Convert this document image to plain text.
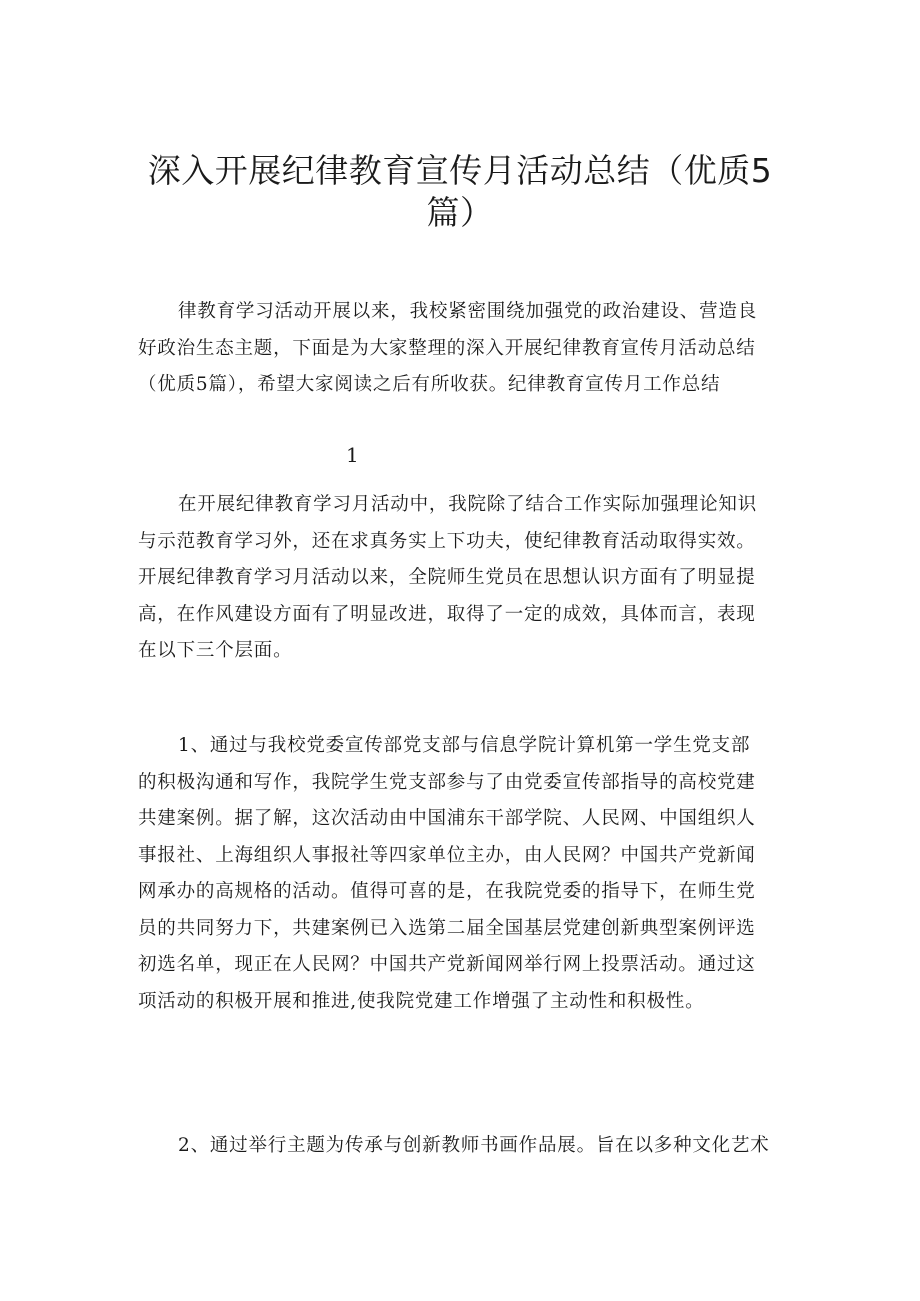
深入开展纪律教育宣传月活动总结（优质5
篇）
律教育学习活动开展以来，我校紧密围绕加强党的政治建设、营造良
好政治生态主题，下面是为大家整理的深入开展纪律教育宣传月活动总结
（优质5篇），希望大家阅读之后有所收获。纪律教育宣传月工作总结
1
在开展纪律教育学习月活动中，我院除了结合工作实际加强理论知识
与示范教育学习外，还在求真务实上下功夫，使纪律教育活动取得实效。
开展纪律教育学习月活动以来，全院师生党员在思想认识方面有了明显提
高，在作风建设方面有了明显改进，取得了一定的成效，具体而言，表现
在以下三个层面。
1、通过与我校党委宣传部党支部与信息学院计算机第一学生党支部
的积极沟通和写作，我院学生党支部参与了由党委宣传部指导的高校党建
共建案例。据了解，这次活动由中国浦东干部学院、人民网、中国组织人
事报社、上海组织人事报社等四家单位主办，由人民网？中国共产党新闻
网承办的高规格的活动。值得可喜的是，在我院党委的指导下，在师生党
员的共同努力下，共建案例已入选第二届全国基层党建创新典型案例评选
初选名单，现正在人民网？中国共产党新闻网举行网上投票活动。通过这
项活动的积极开展和推进,使我院党建工作增强了主动性和积极性。
2、通过举行主题为传承与创新教师书画作品展。旨在以多种文化艺术
